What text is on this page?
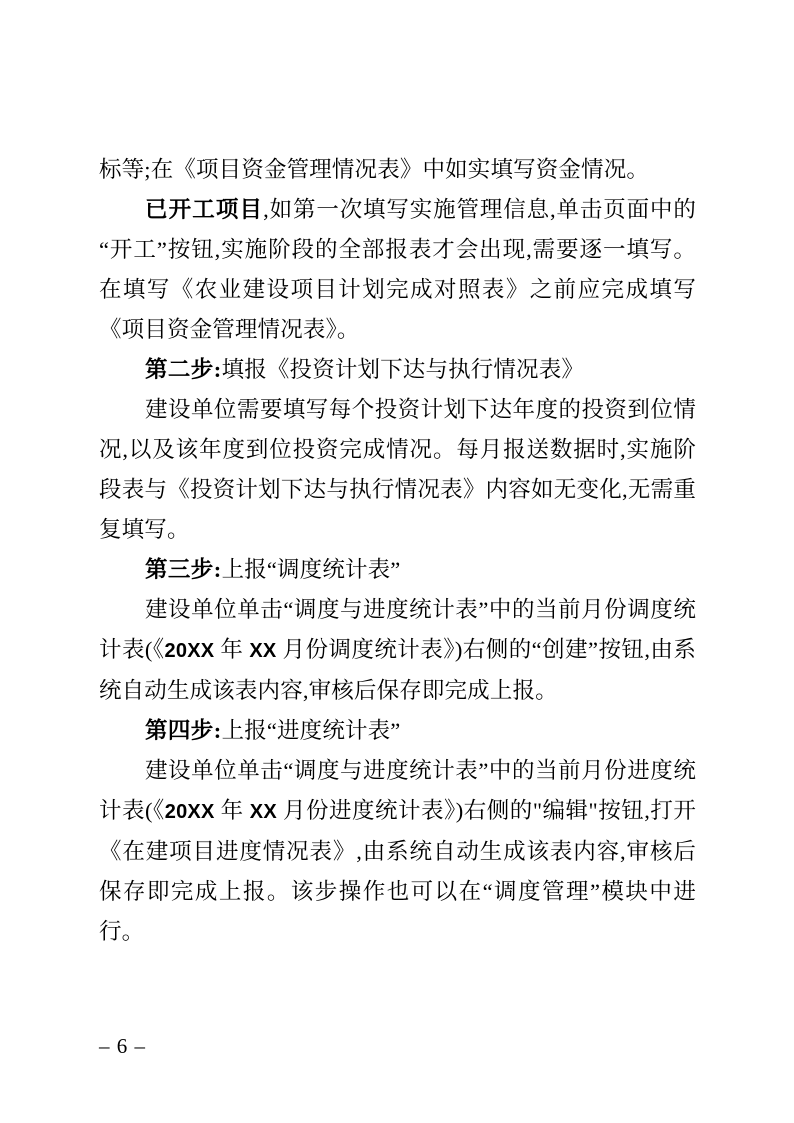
标等;在《项目资金管理情况表》中如实填写资金情况。

已开工项目,如第一次填写实施管理信息,单击页面中的“开工”按钮,实施阶段的全部报表才会出现,需要逐一填写。在填写《农业建设项目计划完成对照表》之前应完成填写《项目资金管理情况表》。

第二步:填报《投资计划下达与执行情况表》

建设单位需要填写每个投资计划下达年度的投资到位情况,以及该年度到位投资完成情况。每月报送数据时,实施阶段表与《投资计划下达与执行情况表》内容如无变化,无需重复填写。

第三步:上报“调度统计表”

建设单位单击“调度与进度统计表”中的当前月份调度统计表(《20XX 年 XX 月份调度统计表》)右侧的“创建”按钮,由系统自动生成该表内容,审核后保存即完成上报。

第四步:上报“进度统计表”

建设单位单击“调度与进度统计表”中的当前月份进度统计表(《20XX 年 XX 月份进度统计表》)右侧的"编辑"按钮,打开《在建项目进度情况表》,由系统自动生成该表内容,审核后保存即完成上报。该步操作也可以在“调度管理”模块中进行。

– 6 –
